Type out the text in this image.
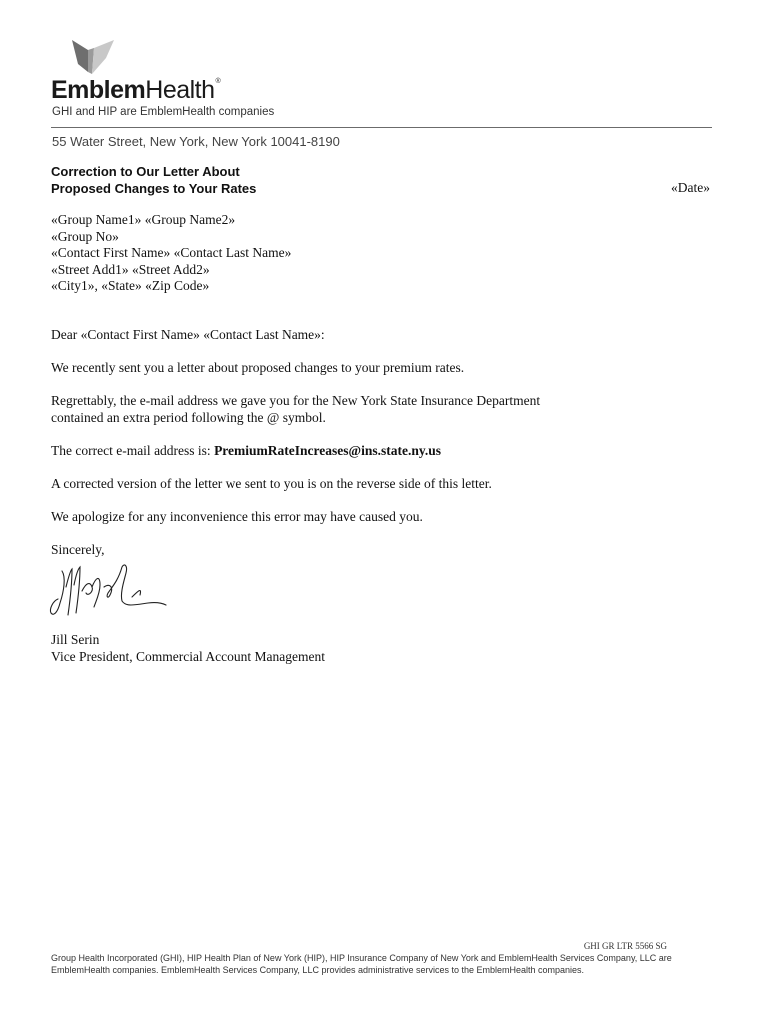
EmblemHealth®
GHI and HIP are EmblemHealth companies
55 Water Street, New York, New York 10041-8190
Correction to Our Letter About
Proposed Changes to Your Rates	«Date»
«Group Name1» «Group Name2»
«Group No»
«Contact First Name» «Contact Last Name»
«Street Add1» «Street Add2»
«City1», «State» «Zip Code»
Dear «Contact First Name» «Contact Last Name»:
We recently sent you a letter about proposed changes to your premium rates.
Regrettably, the e-mail address we gave you for the New York State Insurance Department
contained an extra period following the @ symbol.
The correct e-mail address is: PremiumRateIncreases@ins.state.ny.us
A corrected version of the letter we sent to you is on the reverse side of this letter.
We apologize for any inconvenience this error may have caused you.
Sincerely,
Jill Serin
Vice President, Commercial Account Management
GHI GR LTR 5566 SG
Group Health Incorporated (GHI), HIP Health Plan of New York (HIP), HIP Insurance Company of New York and EmblemHealth Services Company, LLC are
EmblemHealth companies. EmblemHealth Services Company, LLC provides administrative services to the EmblemHealth companies.
